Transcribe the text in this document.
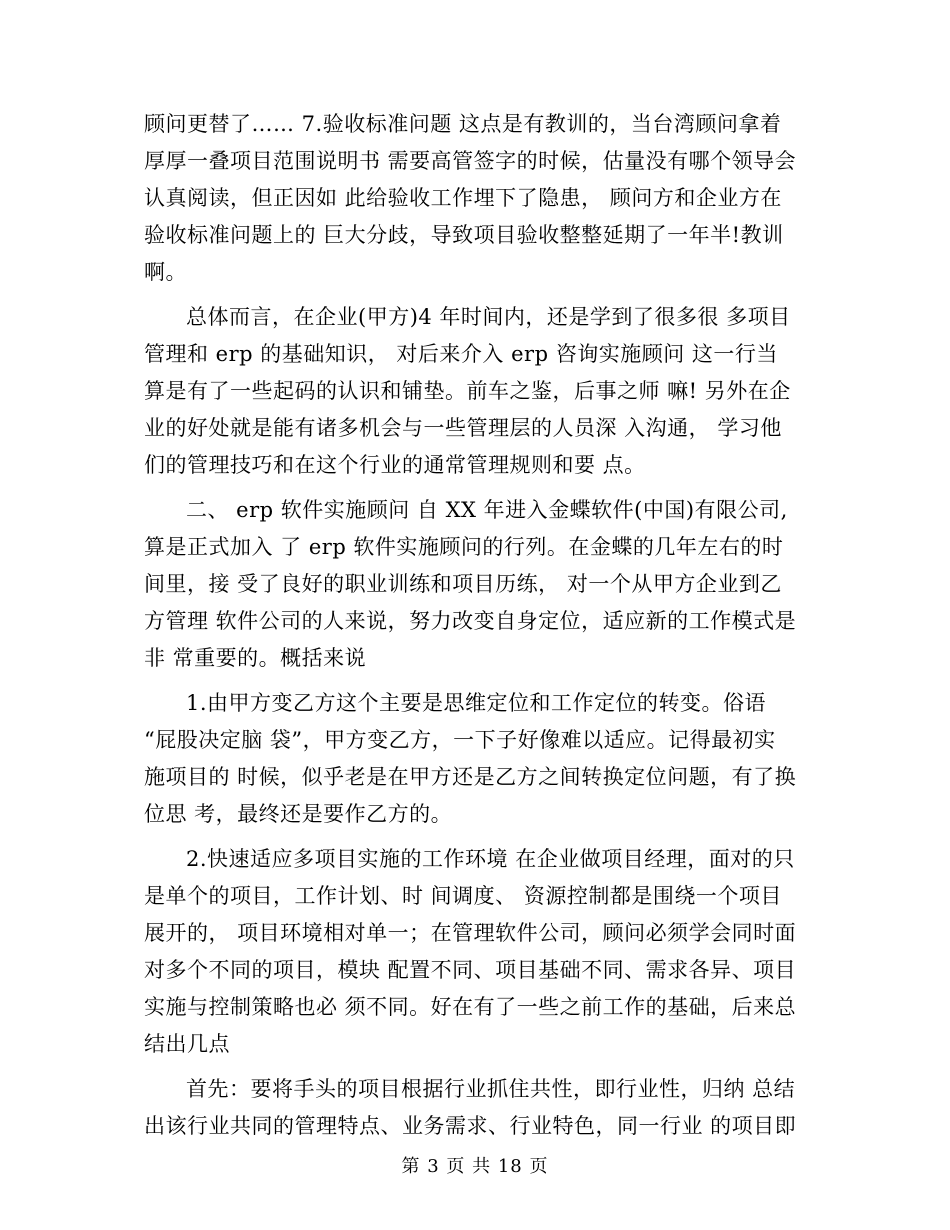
顾问更替了…… 7.验收标准问题 这点是有教训的，当台湾顾问拿着
厚厚一叠项目范围说明书 需要高管签字的时候，估量没有哪个领导会
认真阅读，但正因如 此给验收工作埋下了隐患， 顾问方和企业方在
验收标准问题上的 巨大分歧，导致项目验收整整延期了一年半!教训
啊。
总体而言，在企业(甲方)4 年时间内，还是学到了很多很 多项目
管理和 erp 的基础知识， 对后来介入 erp 咨询实施顾问 这一行当
算是有了一些起码的认识和铺垫。前车之鉴，后事之师 嘛! 另外在企
业的好处就是能有诸多机会与一些管理层的人员深 入沟通， 学习他
们的管理技巧和在这个行业的通常管理规则和要 点。
二、 erp 软件实施顾问 自 XX 年进入金蝶软件(中国)有限公司,
算是正式加入 了 erp 软件实施顾问的行列。在金蝶的几年左右的时
间里，接 受了良好的职业训练和项目历练， 对一个从甲方企业到乙
方管理 软件公司的人来说，努力改变自身定位，适应新的工作模式是
非 常重要的。概括来说
1.由甲方变乙方这个主要是思维定位和工作定位的转变。俗语
“屁股决定脑 袋”，甲方变乙方，一下子好像难以适应。记得最初实
施项目的 时候，似乎老是在甲方还是乙方之间转换定位问题，有了换
位思 考，最终还是要作乙方的。
2.快速适应多项目实施的工作环境 在企业做项目经理，面对的只
是单个的项目，工作计划、时 间调度、 资源控制都是围绕一个项目
展开的， 项目环境相对单一；在管理软件公司，顾问必须学会同时面
对多个不同的项目，模块 配置不同、项目基础不同、需求各异、项目
实施与控制策略也必 须不同。好在有了一些之前工作的基础，后来总
结出几点
首先：要将手头的项目根据行业抓住共性，即行业性，归纳 总结
出该行业共同的管理特点、业务需求、行业特色，同一行业 的项目即
第 3 页 共 18 页
